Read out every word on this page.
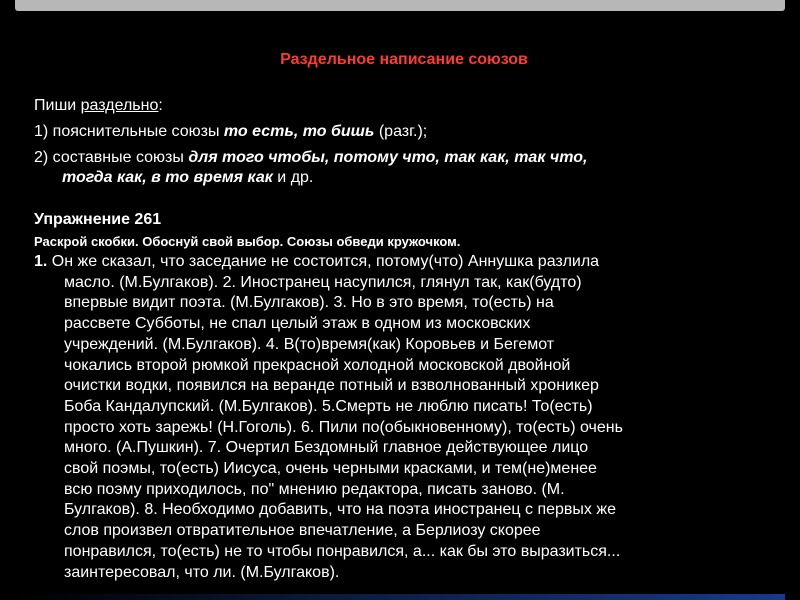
Раздельное написание союзов
Пиши раздельно:
1) пояснительные союзы то есть, то бишь (разг.);
2) составные союзы для того чтобы, потому что, так как, так что,
тогда как, в то время как и др.
Упражнение 261
Раскрой скобки. Обоснуй свой выбор. Союзы обведи кружочком.
1. Он же сказал, что заседание не состоится, потому(что) Аннушка разлила
масло. (М.Булгаков). 2. Иностранец насупился, глянул так, как(будто)
впервые видит поэта. (М.Булгаков). 3. Но в это время, то(есть) на
рассвете Субботы, не спал целый этаж в одном из московских
учреждений. (М.Булгаков). 4. В(то)время(как) Коровьев и Бегемот
чокались второй рюмкой прекрасной холодной московской двойной
очистки водки, появился на веранде потный и взволнованный хроникер
Боба Кандалупский. (М.Булгаков). 5.Смерть не люблю писать! То(есть)
просто хоть зарежь! (Н.Гоголь). 6. Пили по(обыкновенному), то(есть) очень
много. (А.Пушкин). 7. Очертил Бездомный главное действующее лицо
свой поэмы, то(есть) Иисуса, очень черными красками, и тем(не)менее
всю поэму приходилось, по" мнению редактора, писать заново. (М.
Булгаков). 8. Необходимо добавить, что на поэта иностранец с первых же
слов произвел отвратительное впечатление, а Берлиозу скорее
понравился, то(есть) не то чтобы понравился, а... как бы это выразиться...
заинтересовал, что ли. (М.Булгаков).
